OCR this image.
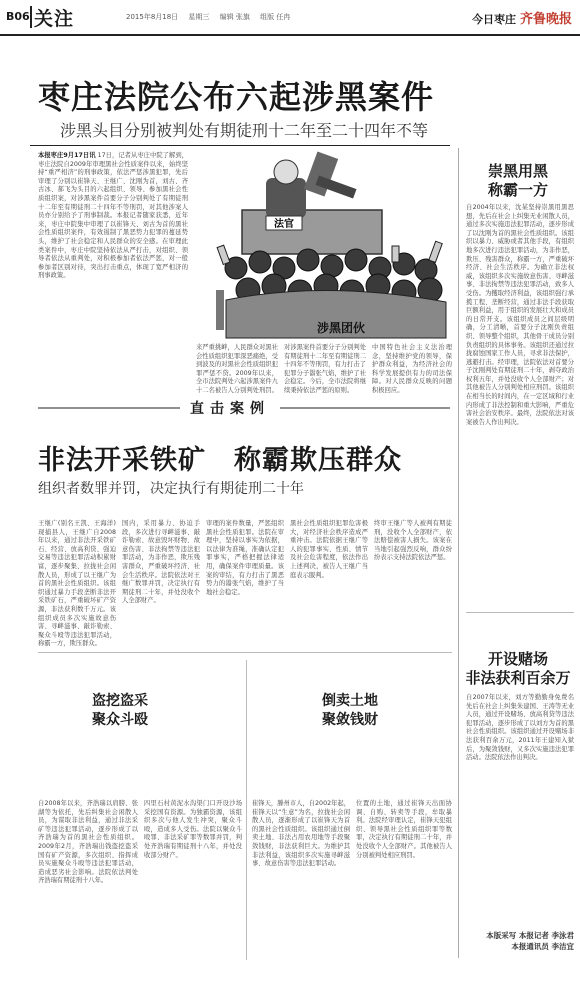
B06 关注	2015年8月18日 星期三 编辑 张旗 组版 任冉	今日枣庄 齐鲁晚报
枣庄法院公布六起涉黑案件
涉黑头目分别被判处有期徒刑十二年至二十四年不等
本报枣庄9月17日讯 17日，记者从枣庄中院了解到，枣庄法院自2009年审理黑社会性质案件以来，始终坚持“重严相济”的刑事政策，依法严惩涉黑犯罪，先后审理了分别以崔锋天、王继广、沈刚为首，刘古、齐古冰、郝飞为头目的六起组织、领导、参加黑社会性质组织案，对涉黑案件首要分子分别判处了有期徒刑十二年至有期徒刑二十四年不等刑罚，对其他涉案人员亦分别给予了刑事制裁。本报记者随家获悉，近年来，枣庄中院集中审理了以崔锋天、刘古为首的黑社会性质组织案件，有效遏制了黑恶势力犯罪的蔓延势头，维护了社会稳定和人民群众的安全感。在审理此类案件中，枣庄中院坚持依法从严打击，对组织、领导者依法从重判处，对积极参加者依法严惩，对一般参加者区别对待，突出打击重点，体现了宽严相济的刑事政策。
法官
涉黑团伙
来严重挑衅，人民群众对黑社会性质组织犯罪深恶痛绝，受到波及的对黑社会性质组织犯罪严惩不贷。2009年以来，全市法院判处六起涉黑案件九十二名被告人分别判处刑罚。
对涉黑案件首要分子分别判处有期徒刑十二年至有期徒刑二十四年不等刑罚，有力打击了犯罪分子嚣张气焰，维护了社会稳定。今后，全市法院将继续秉持依法严惩的原则。
中国特色社会主义法治理念，坚持维护党的领导，保护群众利益，为经济社会的科学发展提供有力的司法保障。对人民群众反映的问题积极回应。
崇黑用黑
称霸一方
自2004年以来，沈某坚持崇黑用黑思想，先后在社会上纠集无业闲散人员，通过多次实施违法犯罪活动，逐步形成了以沈刚为首的黑社会性质组织。该组织以暴力、威胁或者其他手段，有组织地多次进行违法犯罪活动，为非作恶，欺压、残害群众，称霸一方，严重破坏经济、社会生活秩序。为确立非法权威，该组织多次实施故意伤害、寻衅滋事、非法拘禁等违法犯罪活动，致多人受伤。为攫取经济利益，该组织强行承揽工程、垄断经营，通过非法手段获取巨额利益，用于组织的发展壮大和成员的日常开支。该组织成员之间层级明确，分工清晰，首要分子沈刚负责组织、领导整个组织，其他骨干成员分别负责组织的具体事务。该组织还通过拉拢腐蚀国家工作人员，寻求非法保护，逃避打击。经审理，法院依法对首要分子沈刚判处有期徒刑二十年，剥夺政治权利五年，并处没收个人全部财产；对其他被告人分别判处相应刑罚。该组织在相当长的时间内，在一定区域和行业内形成了非法控制和重大影响，严重危害社会治安秩序。最终，法院依法对该案被告人作出判决。
开设赌场
非法获利百余万
自2007年以来，刘方等勤勤身免费名先后在社会上纠集朱建国、王涛等无业人员，通过开设赌场、放高利贷等违法犯罪活动，逐步形成了以刘方为首的黑社会性质组织。该组织通过开设赌场非法获利百余万元，2011年王建知入狱后，为聚敛钱财，又多次实施违法犯罪活动。法院依法作出判决。
本版采写 本报记者 李泳君
本报通讯员 李洁宜
直击案例
非法开采铁矿　称霸欺压群众
组织者数罪并罚，决定执行有期徒刑二十年
王继广(别名王凯、王海洋)现捕县人，王继广自2008年以来，通过非法开采铁矿石、经营、放高利贷、强迫交易等违法犯罪活动积累财富，逐步聚集、拉拢社会闲散人员，形成了以王继广为首的黑社会性质组织。该组织通过暴力手段垄断非法开采铁矿石，严重破坏矿产资源，非法获利数千万元。该组织成员多次实施故意伤害、寻衅滋事、敲诈勒索、聚众斗殴等违法犯罪活动，称霸一方，欺压群众。
国内，采用暴力、协迫手段，多次进行寻衅滋事、敲诈勒索、故意毁坏财物、故意伤害、非法拘禁等违法犯罪活动，为非作恶，欺压残害群众，严重破坏经济、社会生活秩序。法院依法对王继广数罪并罚，决定执行有期徒刑二十年，并处没收个人全部财产。
审理的案件数量，严惩组织黑社会性质犯罪。法院在审理中，坚持以事实为依据，以法律为准绳，准确认定犯罪事实，严格把握法律适用，确保案件审理质量。该案的审结，有力打击了黑恶势力的嚣张气焰，维护了当地社会稳定。
黑社会性质组织犯罪危害极大，对经济社会秩序造成严重冲击。法院依据王继广等人的犯罪事实、性质、情节及社会危害程度，依法作出上述判决，被告人王继广当庭表示服判。
终审王继广等人被判有期徒刑，没收个人全部财产，依法赔偿被害人损失。该案在当地引起强烈反响，群众纷纷表示支持法院依法严惩。
盗挖盗采
聚众斗殴
自2008年以来，齐浩瑞以肩膀、张湖等为依托，先后纠集社会闲散人员，为谋取非法利益，通过非法采矿等违法犯罪活动，逐步形成了以齐浩瑞为首的黑社会性质组织。2009年2月，齐浩瑞出钱盗挖盗采国有矿产资源，多次组织、指挥成员实施聚众斗殴等违法犯罪活动，造成恶劣社会影响。法院依法判处齐浩瑞有期徒刑十八年。
四里石村黄泥水沟渠门口开设沙场采挖国有资源。为独霸资源，该组织多次与他人发生冲突，聚众斗殴，造成多人受伤。法院以聚众斗殴罪、非法采矿罪等数罪并罚，判处齐浩瑞有期徒刑十八年，并处没收部分财产。
倒卖土地
聚敛钱财
崔锋天，滕州市人，自2002年起，崔锋天以“生意”为名，拉拢社会闲散人员，逐渐形成了以崔锋天为首的黑社会性质组织。该组织通过倒卖土地、非法占用农用地等手段聚敛钱财，非法获利巨大。为维护其非法利益，该组织多次实施寻衅滋事、故意伤害等违法犯罪活动。
位置的土地，通过崔锋天出面协调、自购、转卖等手段，牟取暴利。法院经审理认定，崔锋天犯组织、领导黑社会性质组织罪等数罪，决定执行有期徒刑二十年，并处没收个人全部财产。其他被告人分别被判处相应刑罚。
